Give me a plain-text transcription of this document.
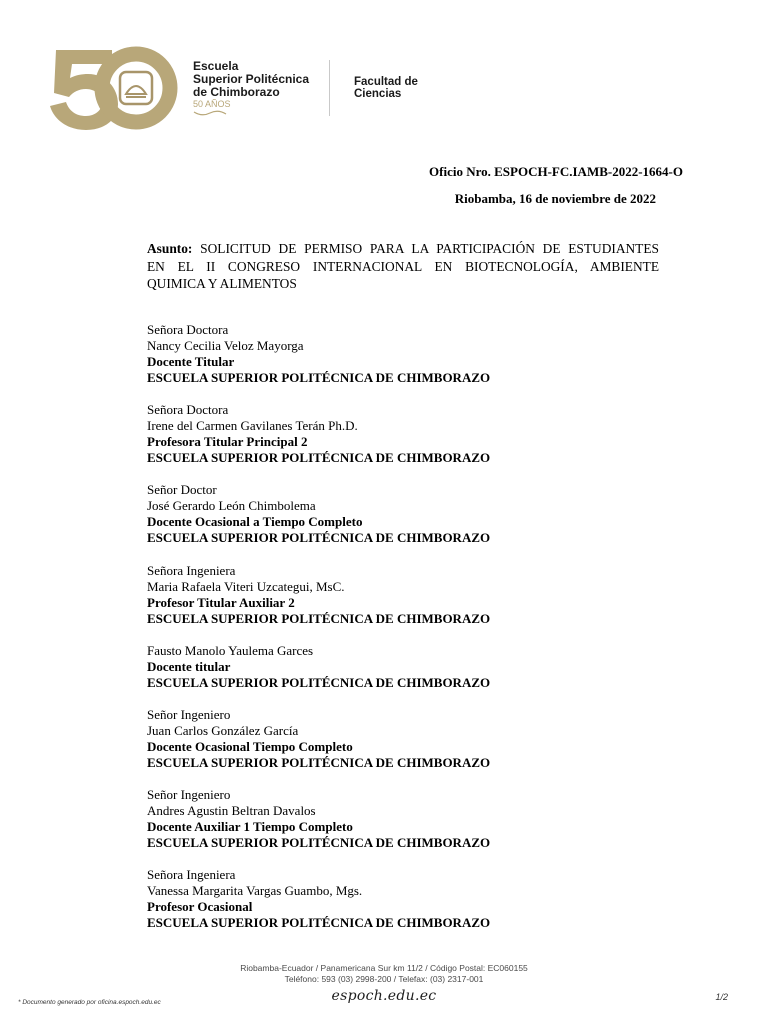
Escuela
Superior Politécnica
de Chimborazo
50 AÑOS
Facultad de
Ciencias
Oficio Nro. ESPOCH-FC.IAMB-2022-1664-O
Riobamba, 16 de noviembre de 2022
Asunto: SOLICITUD DE PERMISO PARA LA PARTICIPACIÓN DE ESTUDIANTES
EN EL II CONGRESO INTERNACIONAL EN BIOTECNOLOGÍA, AMBIENTE
QUIMICA Y ALIMENTOS
Señora Doctora
Nancy Cecilia Veloz Mayorga
Docente Titular
ESCUELA SUPERIOR POLITÉCNICA DE CHIMBORAZO
Señora Doctora
Irene del Carmen Gavilanes Terán Ph.D.
Profesora Titular Principal 2
ESCUELA SUPERIOR POLITÉCNICA DE CHIMBORAZO
Señor Doctor
José Gerardo León Chimbolema
Docente Ocasional a Tiempo Completo
ESCUELA SUPERIOR POLITÉCNICA DE CHIMBORAZO
Señora Ingeniera
Maria Rafaela Viteri Uzcategui, MsC.
Profesor Titular Auxiliar 2
ESCUELA SUPERIOR POLITÉCNICA DE CHIMBORAZO
Fausto Manolo Yaulema Garces
Docente titular
ESCUELA SUPERIOR POLITÉCNICA DE CHIMBORAZO
Señor Ingeniero
Juan Carlos González García
Docente Ocasional Tiempo Completo
ESCUELA SUPERIOR POLITÉCNICA DE CHIMBORAZO
Señor Ingeniero
Andres Agustin Beltran Davalos
Docente Auxiliar 1 Tiempo Completo
ESCUELA SUPERIOR POLITÉCNICA DE CHIMBORAZO
Señora Ingeniera
Vanessa Margarita Vargas Guambo, Mgs.
Profesor Ocasional
ESCUELA SUPERIOR POLITÉCNICA DE CHIMBORAZO
Riobamba-Ecuador / Panamericana Sur km 11/2 / Código Postal: EC060155
Teléfono: 593 (03) 2998-200 / Telefax: (03) 2317-001
espoch.edu.ec
* Documento generado por oficina.espoch.edu.ec
1/2
